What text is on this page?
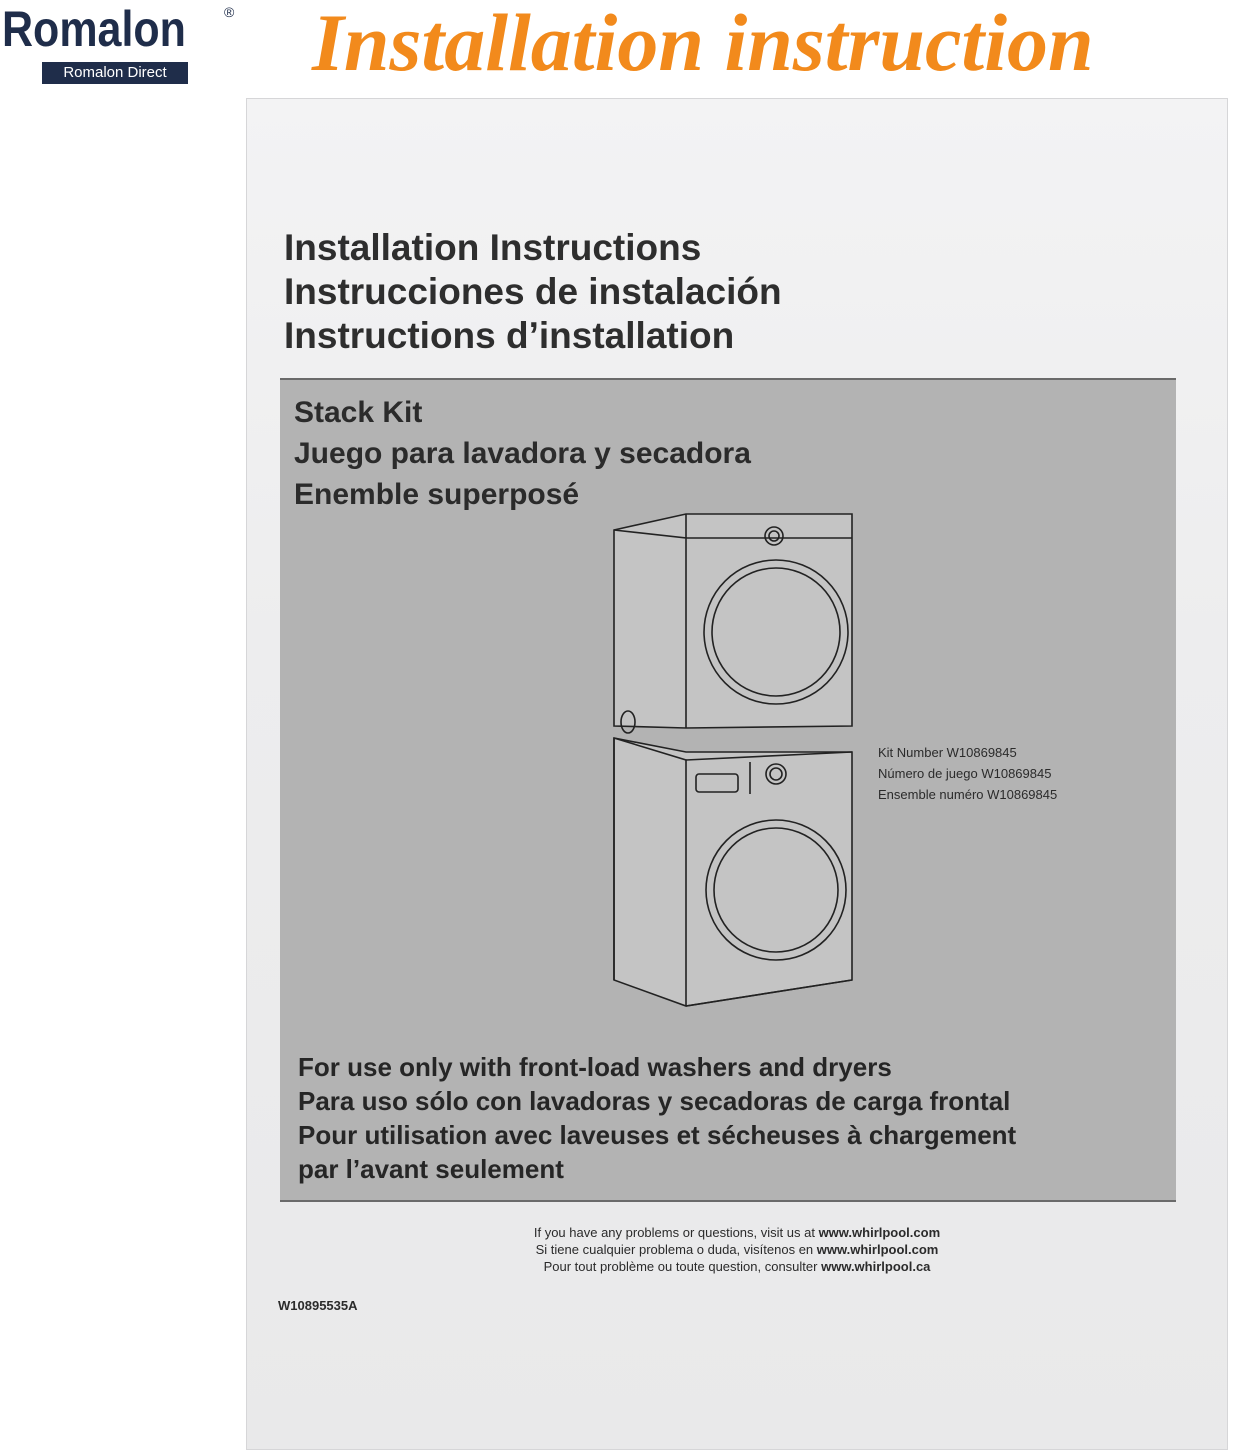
Romalon	®
Romalon Direct Installation instruction
Installation Instructions
Instrucciones de instalación
Instructions d’installation
Stack Kit
Juego para lavadora y secadora
Enemble superposé
Kit Number W10869845
Número de juego W10869845
Ensemble numéro W10869845
For use only with front-load washers and dryers
Para uso sólo con lavadoras y secadoras de carga frontal
Pour utilisation avec laveuses et sécheuses à chargement
par l’avant seulement
If you have any problems or questions, visit us at www.whirlpool.com
Si tiene cualquier problema o duda, visítenos en www.whirlpool.com
Pour tout problème ou toute question, consulter www.whirlpool.ca
W10895535A
